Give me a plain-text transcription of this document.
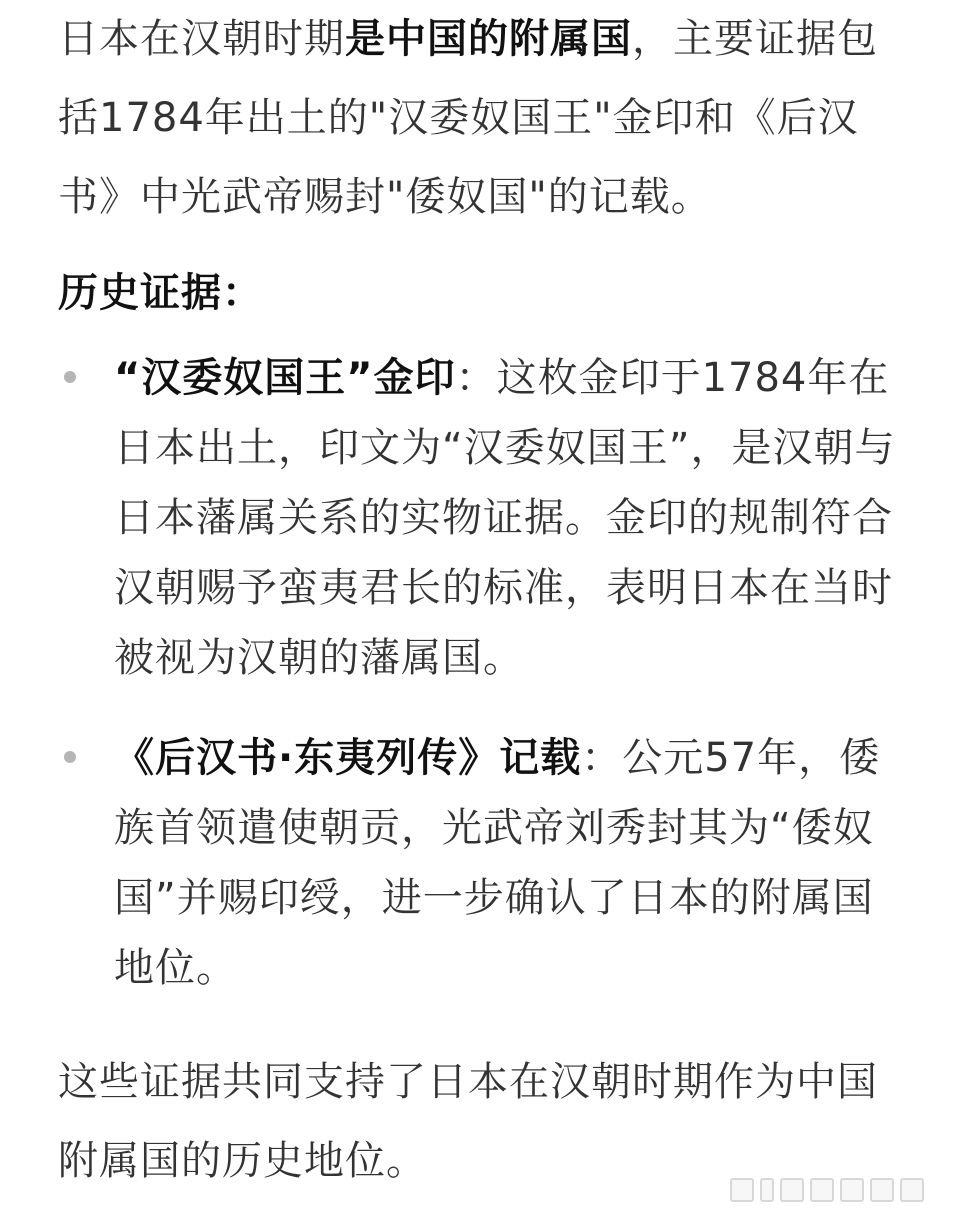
日本在汉朝时期是中国的附属国，主要证据包括1784年出土的"汉委奴国王"金印和《后汉书》中光武帝赐封"倭奴国"的记载。

历史证据：
“汉委奴国王”金印：这枚金印于1784年在日本出土，印文为“汉委奴国王”，是汉朝与日本藩属关系的实物证据。金印的规制符合汉朝赐予蛮夷君长的标准，表明日本在当时被视为汉朝的藩属国。
《后汉书·东夷列传》记载：公元57年，倭族首领遣使朝贡，光武帝刘秀封其为“倭奴国”并赐印绶，进一步确认了日本的附属国地位。

这些证据共同支持了日本在汉朝时期作为中国附属国的历史地位。
